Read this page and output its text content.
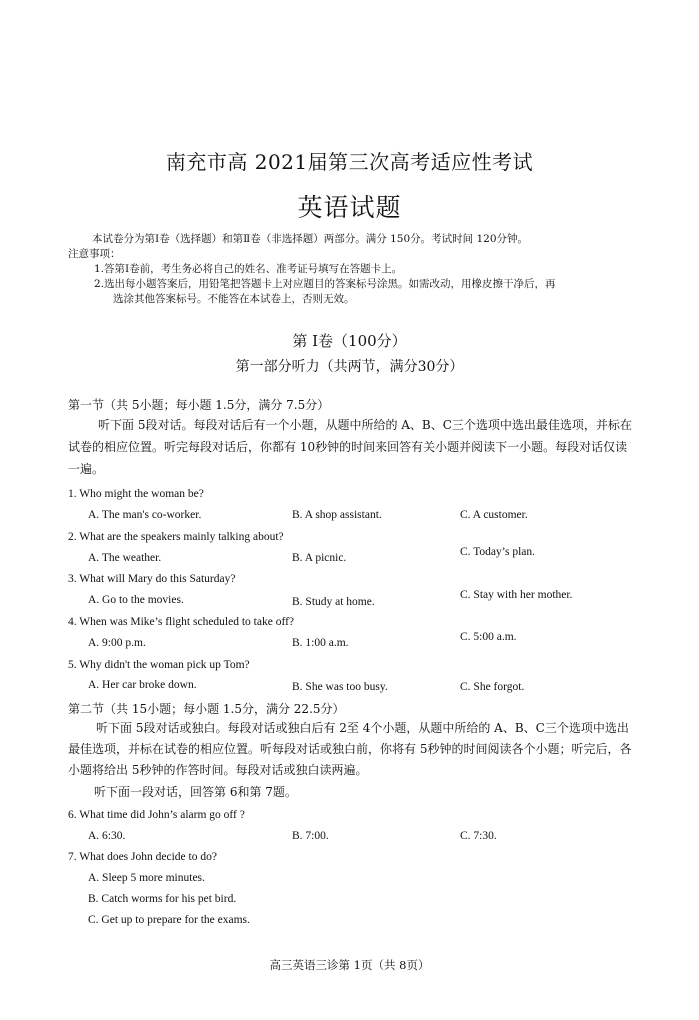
南充市高 2021届第三次高考适应性考试
英语试题
本试卷分为第Ⅰ卷（选择题）和第Ⅱ卷（非选择题）两部分。满分 150分。考试时间 120分钟。
注意事项：
1.答第Ⅰ卷前，考生务必将自己的姓名、准考证号填写在答题卡上。
2.选出每小题答案后，用铅笔把答题卡上对应题目的答案标号涂黑。如需改动，用橡皮擦干净后，再
选涂其他答案标号。不能答在本试卷上，否则无效。
第 I卷（100分）
第一部分听力（共两节，满分30分）
第一节（共 5小题；每小题 1.5分，满分 7.5分）
听下面 5段对话。每段对话后有一个小题，从题中所给的 A、B、C三个选项中选出最佳选项，并标在试卷的相应位置。听完每段对话后，你都有 10秒钟的时间来回答有关小题并阅读下一小题。每段对话仅读一遍。
1. Who might the woman be?
A. The man's co-worker.	B. A shop assistant.	C. A customer.
2. What are the speakers mainly talking about?
A. The weather.	B. A picnic.	C. Today’s plan.
3. What will Mary do this Saturday?
A. Go to the movies.	B. Study at home.
C. Stay with her mother.
4. When was Mike’s flight scheduled to take off?
A. 9:00 p.m.	B. 1:00 a.m.	C. 5:00 a.m.
5. Why didn't the woman pick up Tom?
A. Her car broke down.	B. She was too busy.	C. She forgot.
第二节（共 15小题；每小题 1.5分，满分 22.5分）
听下面 5段对话或独白。每段对话或独白后有 2至 4个小题，从题中所给的 A、B、C三个选项中选出最佳选项，并标在试卷的相应位置。听每段对话或独白前，你将有 5秒钟的时间阅读各个小题；听完后，各小题将给出 5秒钟的作答时间。每段对话或独白读两遍。
听下面一段对话，回答第 6和第 7题。
6. What time did John’s alarm go off ?
A. 6:30.	B. 7:00.	C. 7:30.
7. What does John decide to do?
A. Sleep 5 more minutes.
B. Catch worms for his pet bird.
C. Get up to prepare for the exams.
高三英语三诊第 1页（共 8页）
